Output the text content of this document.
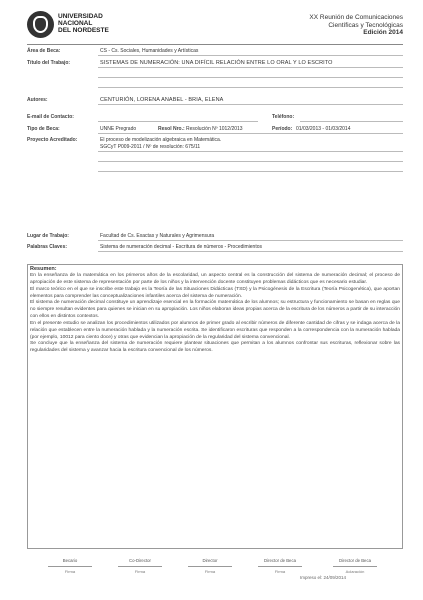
UNIVERSIDAD
NACIONAL
DEL NORDESTE
XX Reunión de Comunicaciones
Científicas y Tecnológicas
Edición 2014
Área de Beca:	CS - Cs. Sociales, Humanidades y Artísticas
Título del Trabajo:	SISTEMAS DE NUMERACIÓN: UNA DIFÍCIL RELACIÓN ENTRE LO ORAL Y LO ESCRITO
Autores:	CENTURIÓN, LORENA ANABEL - BRIA, ELENA
E-mail de Contacto:	Teléfono:
Tipo de Beca:	UNNE Pregrado	Resol Nro.: Resolución Nº 1012/2013	Período: 01/03/2013 - 01/03/2014
Proyecto Acreditado:	El proceso de modelización algebraica en Matemática.
SGCyT P009-2011 / Nº de resolución: 675/11
Lugar de Trabajo:	Facultad de Cs. Exactas y Naturales y Agrimensura
Palabras Claves:	Sistema de numeración decimal - Escritura de números - Procedimientos
Resumen:
En la enseñanza de la matemática en los primeros años de la escolaridad, un aspecto central es la construcción del sistema de numeración decimal; el proceso de apropiación de este sistema de representación por parte de los niños y la intervención docente constituyen problemas didácticos que es necesario estudiar.
El marco teórico en el que se inscribe este trabajo es la Teoría de las Situaciones Didácticas (TSD) y la Psicogénesis de la Escritura (Teoría Psicogenética), que aportan elementos para comprender las conceptualizaciones infantiles acerca del sistema de numeración.
El sistema de numeración decimal constituye un aprendizaje esencial en la formación matemática de los alumnos; su estructura y funcionamiento se basan en reglas que no siempre resultan evidentes para quienes se inician en su apropiación. Los niños elaboran ideas propias acerca de la escritura de los números a partir de su interacción con ellos en distintos contextos.
En el presente estudio se analizan los procedimientos utilizados por alumnos de primer grado al escribir números de diferente cantidad de cifras y se indaga acerca de la relación que establecen entre la numeración hablada y la numeración escrita. Se identificaron escrituras que responden a la correspondencia con la numeración hablada (por ejemplo, 10012 para ciento doce) y otras que evidencian la apropiación de la regularidad del sistema convencional.
Se concluye que la enseñanza del sistema de numeración requiere plantear situaciones que permitan a los alumnos confrontar sus escrituras, reflexionar sobre las regularidades del sistema y avanzar hacia la escritura convencional de los números.
Becario
Firma
Co-Director
Firma
Director
Firma
Director de Beca
Firma
Director de Beca
Aclaración
Impreso el: 24/09/2014
